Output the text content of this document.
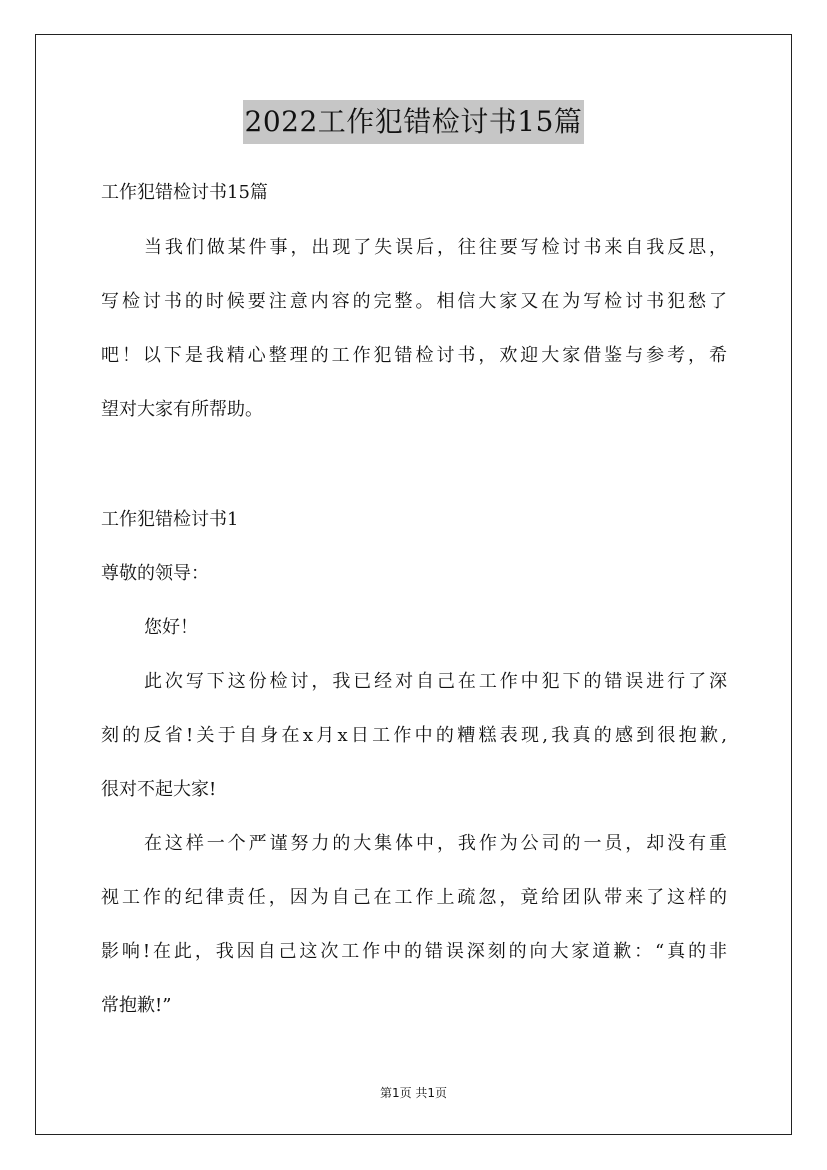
2022工作犯错检讨书15篇

工作犯错检讨书15篇

当我们做某件事，出现了失误后，往往要写检讨书来自我反思，

写检讨书的时候要注意内容的完整。相信大家又在为写检讨书犯愁了

吧！以下是我精心整理的工作犯错检讨书，欢迎大家借鉴与参考，希

望对大家有所帮助。

工作犯错检讨书1

尊敬的领导：

您好！

此次写下这份检讨，我已经对自己在工作中犯下的错误进行了深

刻的反省!关于自身在x月x日工作中的糟糕表现,我真的感到很抱歉,

很对不起大家!

在这样一个严谨努力的大集体中，我作为公司的一员，却没有重

视工作的纪律责任，因为自己在工作上疏忽，竟给团队带来了这样的

影响!在此，我因自己这次工作中的错误深刻的向大家道歉：“真的非

常抱歉!”

第1页 共1页
